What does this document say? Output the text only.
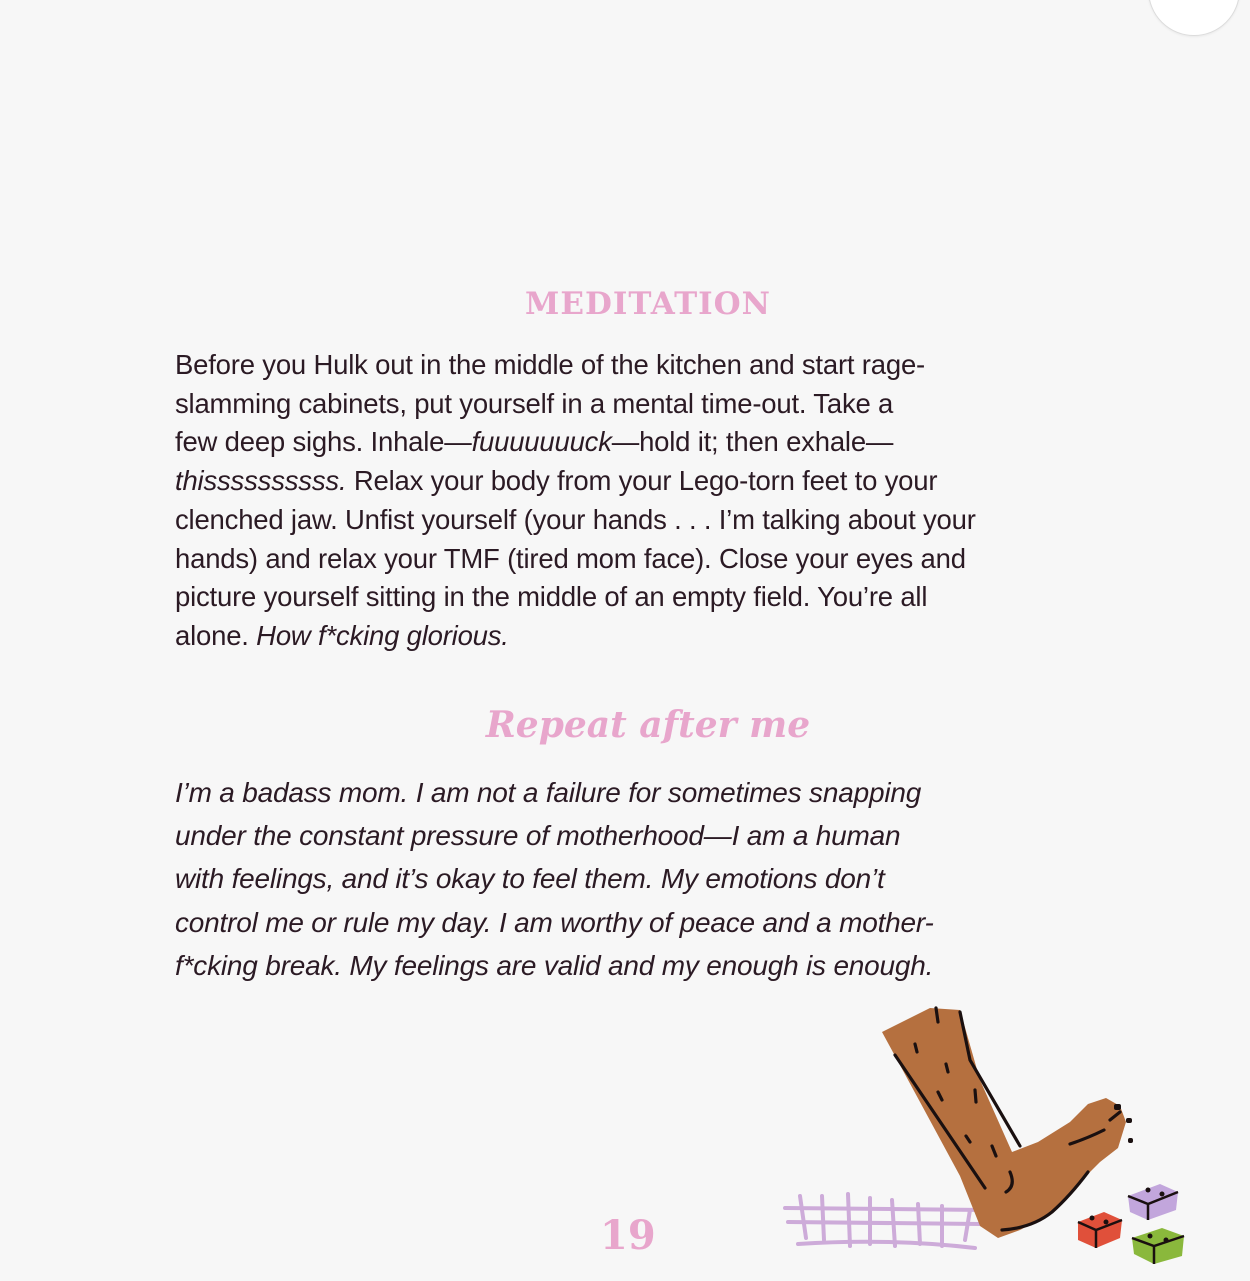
MEDITATION
Before you Hulk out in the middle of the kitchen and start rage-
slamming cabinets, put yourself in a mental time-out. Take a
few deep sighs. Inhale—fuuuuuuuck—hold it; then exhale—
thissssssssss. Relax your body from your Lego-torn feet to your
clenched jaw. Unfist yourself (your hands . . . I’m talking about your
hands) and relax your TMF (tired mom face). Close your eyes and
picture yourself sitting in the middle of an empty field. You’re all
alone. How f*cking glorious.
Repeat after me
I’m a badass mom. I am not a failure for sometimes snapping
under the constant pressure of motherhood—I am a human
with feelings, and it’s okay to feel them. My emotions don’t
control me or rule my day. I am worthy of peace and a mother-
f*cking break. My feelings are valid and my enough is enough.
19
